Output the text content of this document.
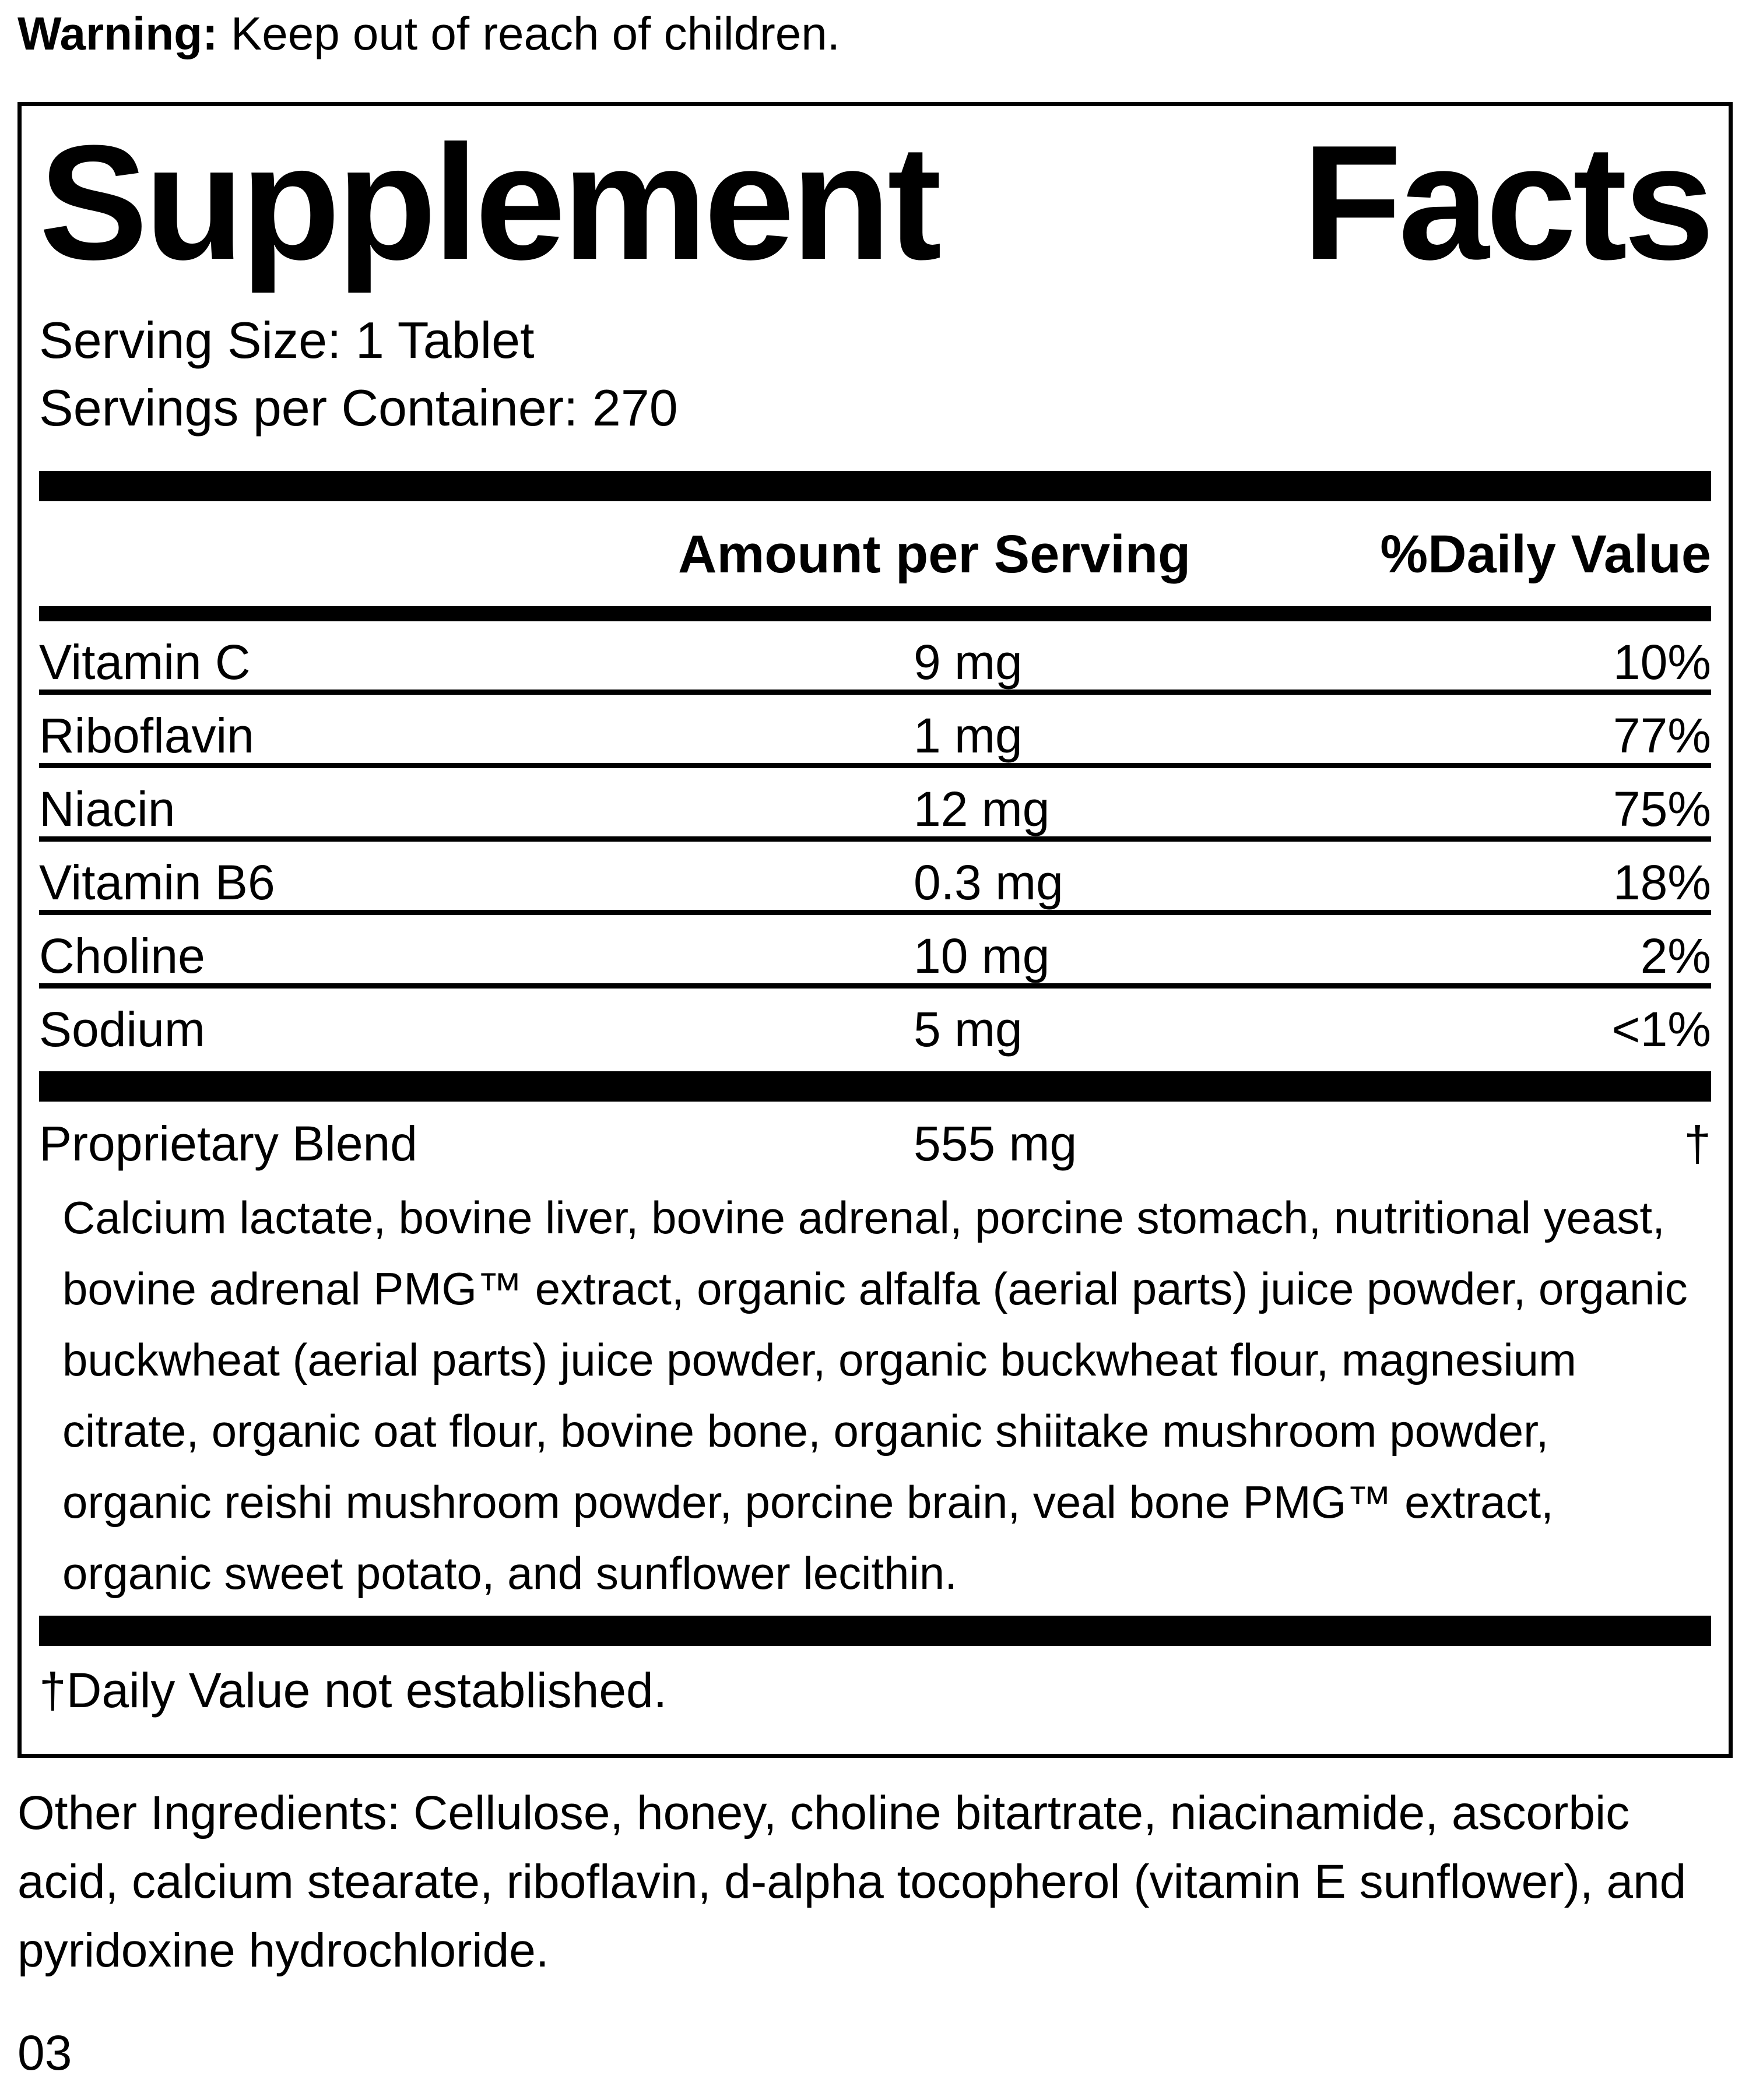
Warning: Keep out of reach of children.
Supplement Facts
Serving Size: 1 Tablet
Servings per Container: 270
Amount per Serving	%Daily Value
Vitamin C	9 mg	10%
Riboflavin	1 mg	77%
Niacin	12 mg	75%
Vitamin B6	0.3 mg	18%
Choline	10 mg	2%
Sodium	5 mg	<1%
Proprietary Blend	555 mg	†
Calcium lactate, bovine liver, bovine adrenal, porcine stomach, nutritional yeast, bovine adrenal PMG™ extract, organic alfalfa (aerial parts) juice powder, organic buckwheat (aerial parts) juice powder, organic buckwheat flour, magnesium citrate, organic oat flour, bovine bone, organic shiitake mushroom powder, organic reishi mushroom powder, porcine brain, veal bone PMG™ extract, organic sweet potato, and sunflower lecithin.
†Daily Value not established.
Other Ingredients: Cellulose, honey, choline bitartrate, niacinamide, ascorbic acid, calcium stearate, riboflavin, d-alpha tocopherol (vitamin E sunflower), and pyridoxine hydrochloride.
03
